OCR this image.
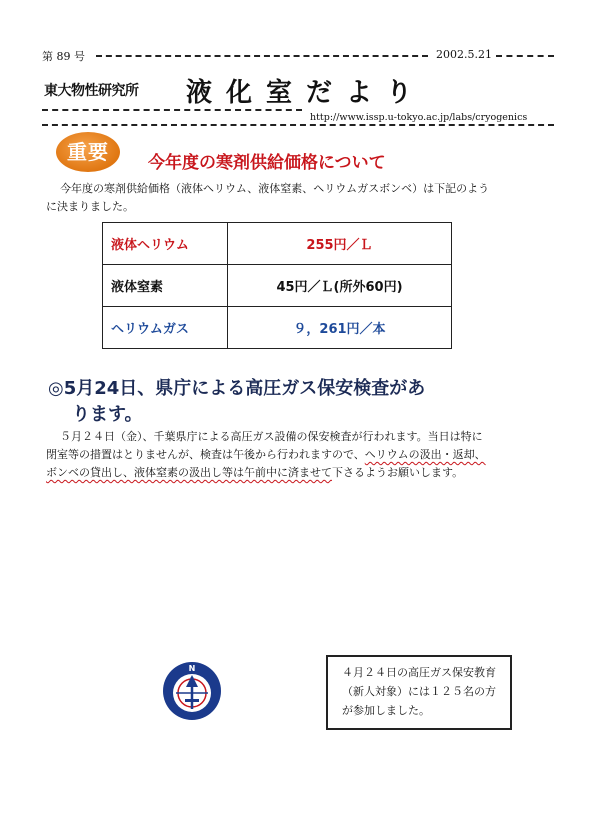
第 89 号	2002.5.21
東大物性研究所 液化室だより
http://www.issp.u-tokyo.ac.jp/labs/cryogenics
重要	今年度の寒剤供給価格について
今年度の寒剤供給価格（液体ヘリウム、液体窒素、ヘリウムガスボンベ）は下記のよう
に決まりました。
液体ヘリウム	255円／Ｌ
液体窒素	45円／Ｌ(所外60円)
ヘリウムガス	９，261円／本
◎5月24日、県庁による高圧ガス保安検査があ
ります。
５月２４日（金）、千葉県庁による高圧ガス設備の保安検査が行われます。当日は特に
閉室等の措置はとりませんが、検査は午後から行われますので、ヘリウムの汲出・返却、
ボンベの貸出し、液体窒素の汲出し等は午前中に済ませて下さるようお願いします。
N	４月２４日の高圧ガス保安教育
（新人対象）には１２５名の方
が参加しました。
